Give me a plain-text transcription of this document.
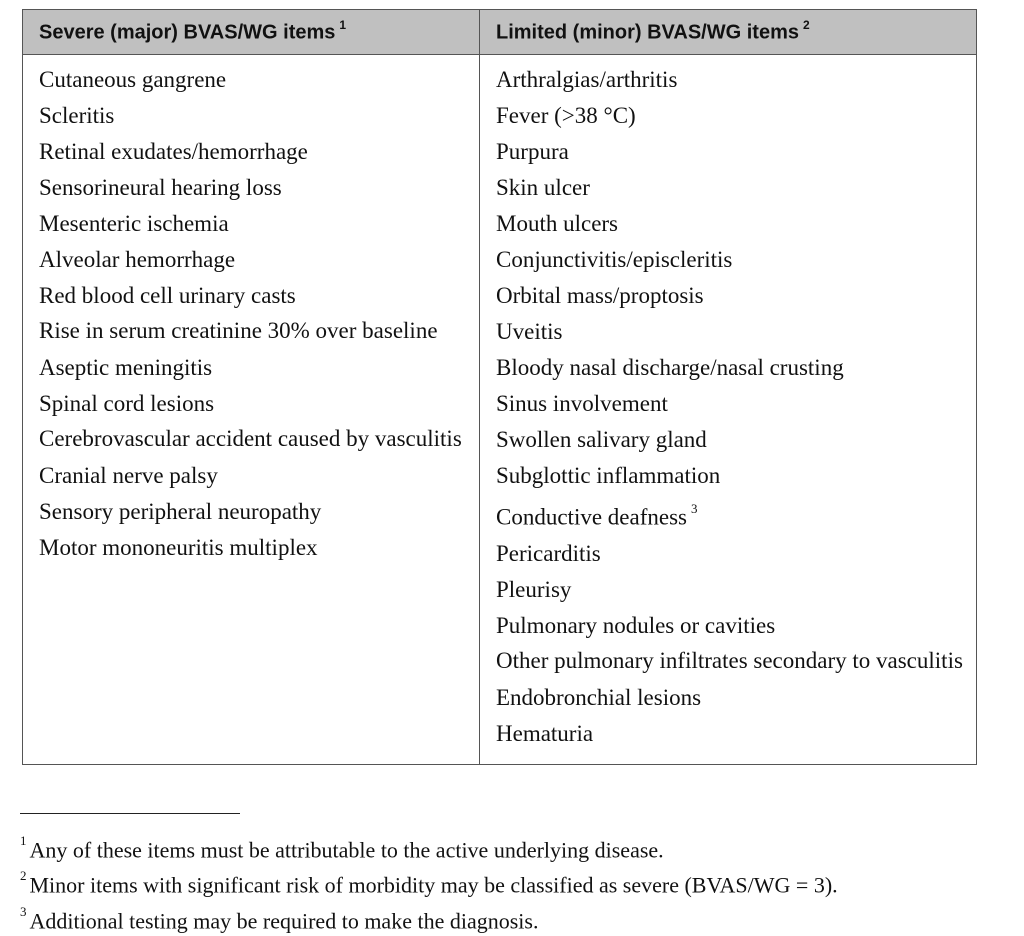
Severe (major) BVAS/WG items $^1$	Limited (minor) BVAS/WG items $^2$
Cutaneous gangrene
Scleritis
Retinal exudates/hemorrhage
Sensorineural hearing loss
Mesenteric ischemia
Alveolar hemorrhage
Red blood cell urinary casts
Rise in serum creatinine 30% over baseline
Aseptic meningitis
Spinal cord lesions
Cerebrovascular accident caused by vasculitis
Cranial nerve palsy
Sensory peripheral neuropathy
Motor mononeuritis multiplex
Arthralgias/arthritis
Fever (>38 °C)
Purpura
Skin ulcer
Mouth ulcers
Conjunctivitis/episcleritis
Orbital mass/proptosis
Uveitis
Bloody nasal discharge/nasal crusting
Sinus involvement
Swollen salivary gland
Subglottic inflammation
Conductive deafness $^3$
Pericarditis
Pleurisy
Pulmonary nodules or cavities
Other pulmonary infiltrates secondary to vasculitis
Endobronchial lesions
Hematuria
$^1$ Any of these items must be attributable to the active underlying disease.
$^2$ Minor items with significant risk of morbidity may be classified as severe (BVAS/WG = 3).
$^3$ Additional testing may be required to make the diagnosis.
